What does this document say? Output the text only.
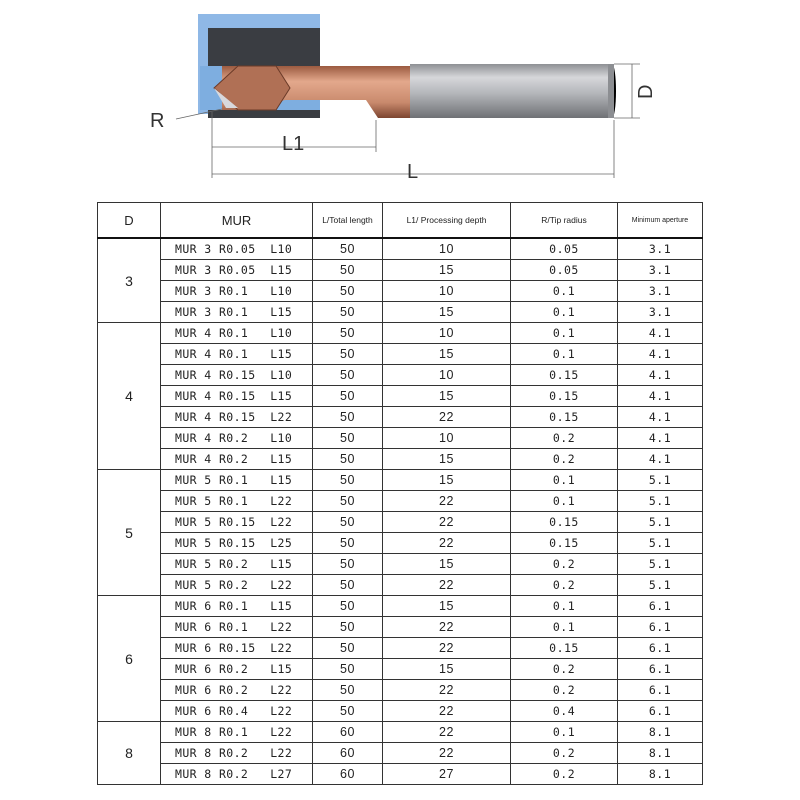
R
L1
L
D
D	MUR	L/Total length	L1/ Processing depth	R/Tip radius	Minimum aperture
3	MUR 3 R0.05  L10	50	10	0.05	3.1
	MUR 3 R0.05  L15	50	15	0.05	3.1
	MUR 3 R0.1   L10	50	10	0.1	3.1
	MUR 3 R0.1   L15	50	15	0.1	3.1
4	MUR 4 R0.1   L10	50	10	0.1	4.1
	MUR 4 R0.1   L15	50	15	0.1	4.1
	MUR 4 R0.15  L10	50	10	0.15	4.1
	MUR 4 R0.15  L15	50	15	0.15	4.1
	MUR 4 R0.15  L22	50	22	0.15	4.1
	MUR 4 R0.2   L10	50	10	0.2	4.1
	MUR 4 R0.2   L15	50	15	0.2	4.1
5	MUR 5 R0.1   L15	50	15	0.1	5.1
	MUR 5 R0.1   L22	50	22	0.1	5.1
	MUR 5 R0.15  L22	50	22	0.15	5.1
	MUR 5 R0.15  L25	50	22	0.15	5.1
	MUR 5 R0.2   L15	50	15	0.2	5.1
	MUR 5 R0.2   L22	50	22	0.2	5.1
6	MUR 6 R0.1   L15	50	15	0.1	6.1
	MUR 6 R0.1   L22	50	22	0.1	6.1
	MUR 6 R0.15  L22	50	22	0.15	6.1
	MUR 6 R0.2   L15	50	15	0.2	6.1
	MUR 6 R0.2   L22	50	22	0.2	6.1
	MUR 6 R0.4   L22	50	22	0.4	6.1
8	MUR 8 R0.1   L22	60	22	0.1	8.1
	MUR 8 R0.2   L22	60	22	0.2	8.1
	MUR 8 R0.2   L27	60	27	0.2	8.1
